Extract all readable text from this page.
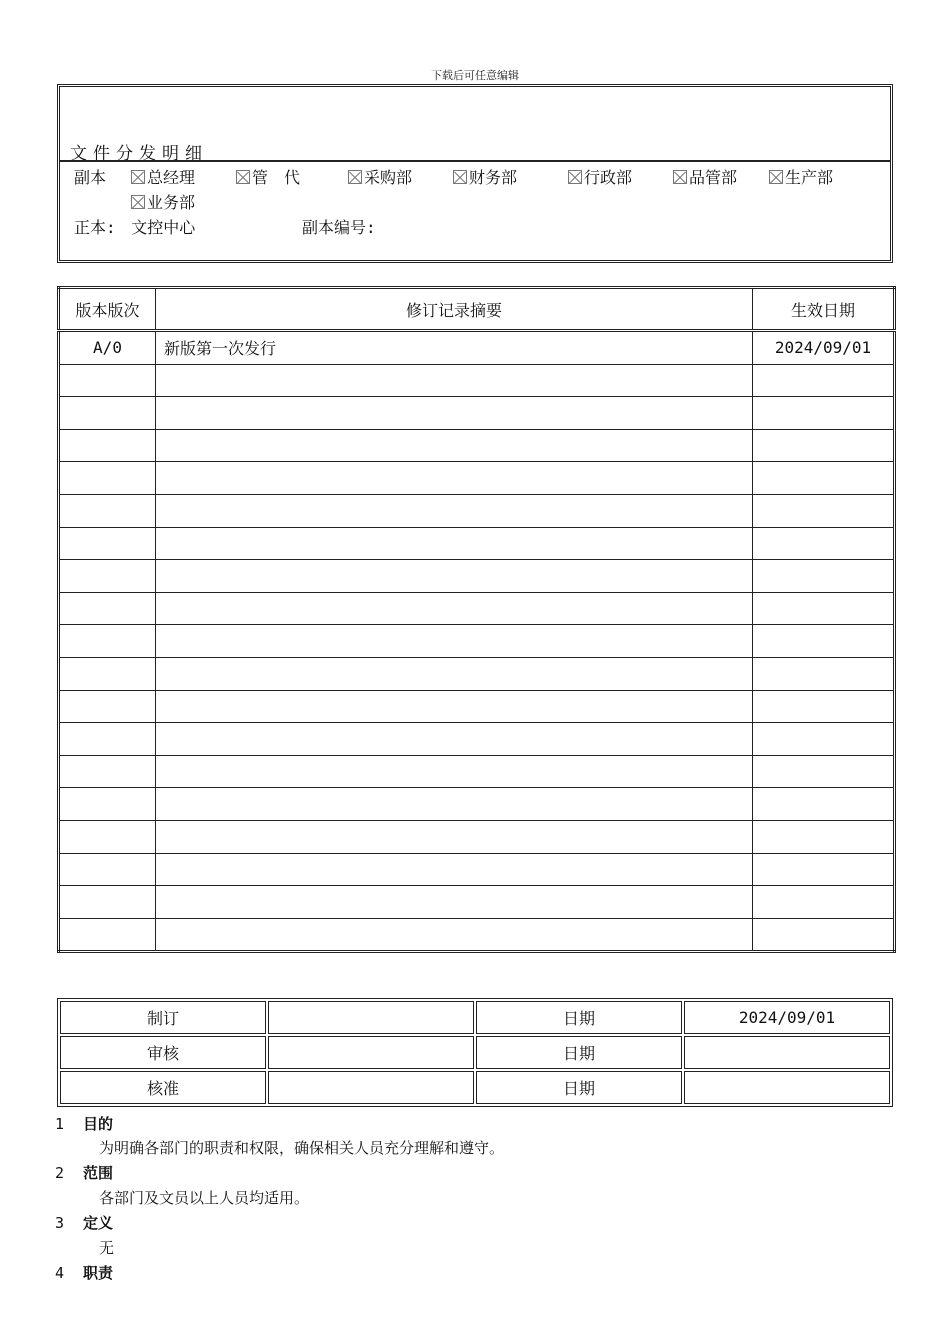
下载后可任意编辑
文件分发明细
副本	总经理	管　代	采购部	财务部	行政部	品管部	生产部
业务部
正本: 文控中心	副本编号:
版本版次	修订记录摘要	生效日期
A/0	新版第一次发行	2024/09/01

制订		日期	2024/09/01
审核		日期	
核准		日期	
1 目的
为明确各部门的职责和权限，确保相关人员充分理解和遵守。
2 范围
各部门及文员以上人员均适用。
3 定义
无
4 职责
